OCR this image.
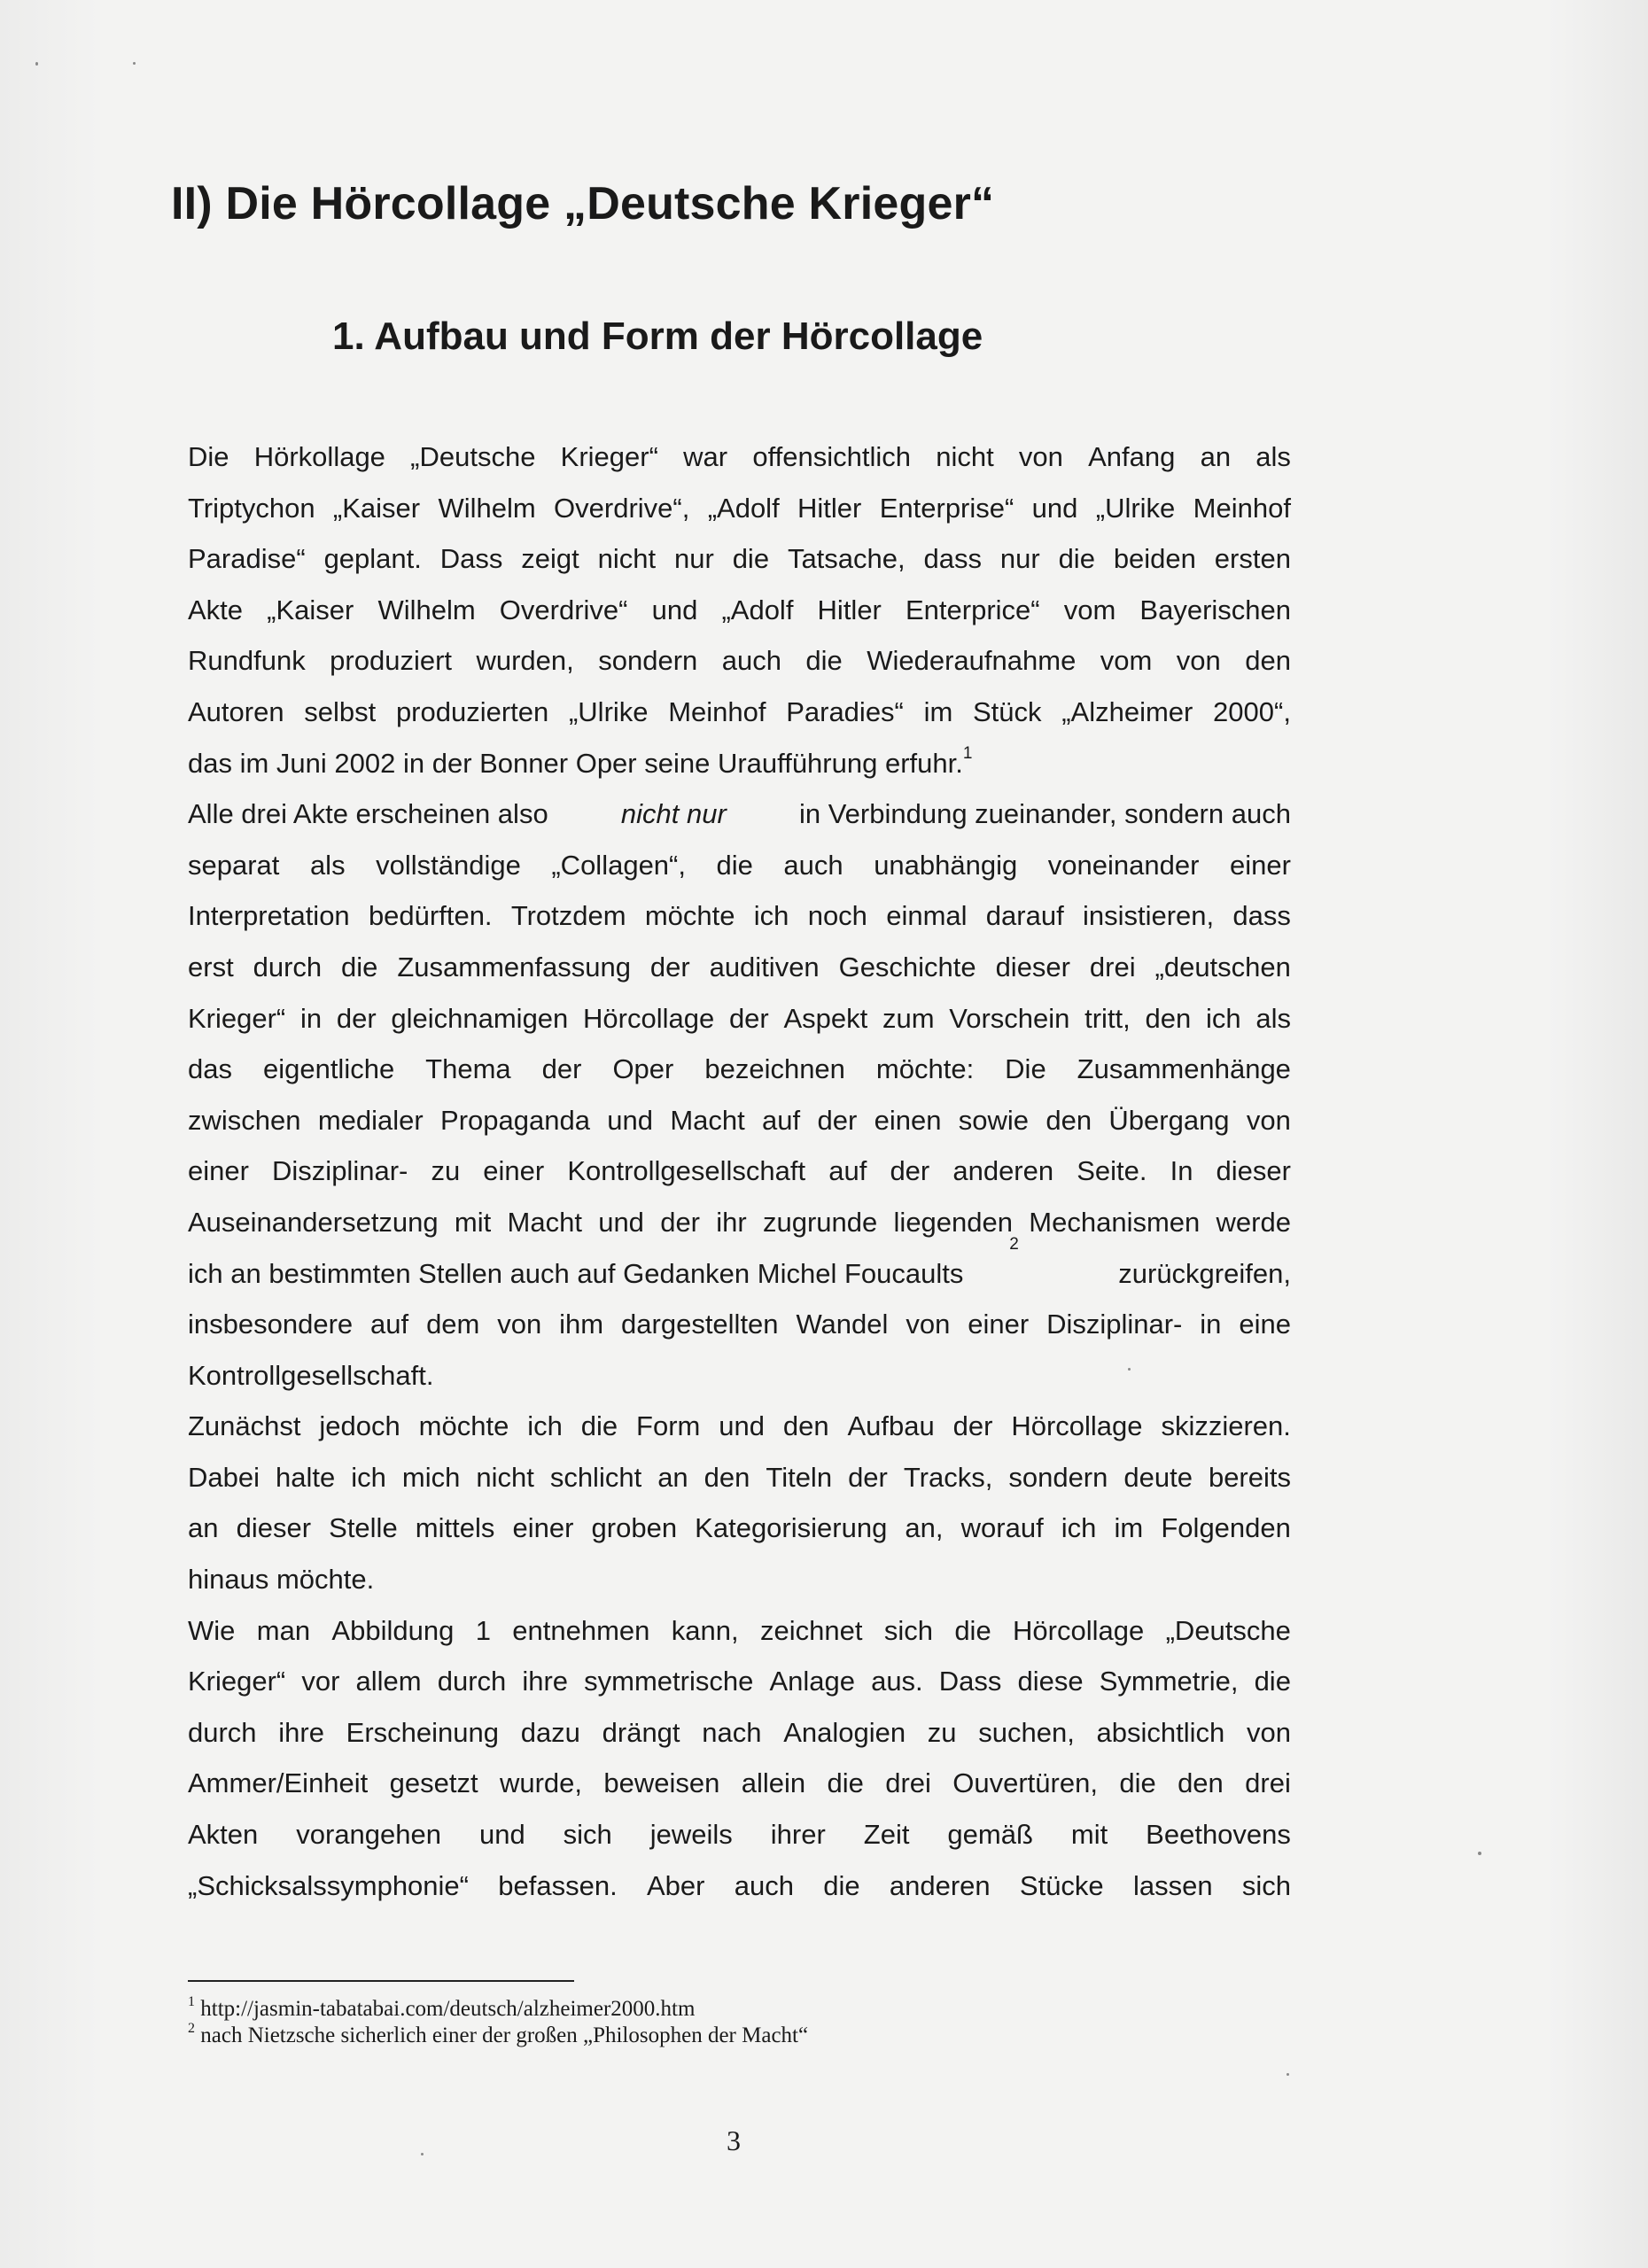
II) Die Hörcollage „Deutsche Krieger“
1. Aufbau und Form der Hörcollage
Die Hörkollage „Deutsche Krieger“ war offensichtlich nicht von Anfang an als
Triptychon „Kaiser Wilhelm Overdrive“, „Adolf Hitler Enterprise“ und „Ulrike Meinhof
Paradise“ geplant. Dass zeigt nicht nur die Tatsache, dass nur die beiden ersten
Akte „Kaiser Wilhelm Overdrive“ und „Adolf Hitler Enterprice“ vom Bayerischen
Rundfunk produziert wurden, sondern auch die Wiederaufnahme vom von den
Autoren selbst produzierten „Ulrike Meinhof Paradies“ im Stück „Alzheimer 2000“,
das im Juni 2002 in der Bonner Oper seine Uraufführung erfuhr.$^1$
Alle drei Akte erscheinen also
	nicht nur
	in Verbindung zueinander, sondern auch
separat als vollständige „Collagen“, die auch unabhängig voneinander einer
Interpretation bedürften. Trotzdem möchte ich noch einmal darauf insistieren, dass
erst durch die Zusammenfassung der auditiven Geschichte dieser drei „deutschen
Krieger“ in der gleichnamigen Hörcollage der Aspekt zum Vorschein tritt, den ich als
das eigentliche Thema der Oper bezeichnen möchte: Die Zusammenhänge
zwischen medialer Propaganda und Macht auf der einen sowie den Übergang von
einer Disziplinar- zu einer Kontrollgesellschaft auf der anderen Seite. In dieser
Auseinandersetzung mit Macht und der ihr zugrunde liegenden Mechanismen werde
ich an bestimmten Stellen auch auf Gedanken Michel Foucaults
$^2$

zurückgreifen,
insbesondere auf dem von ihm dargestellten Wandel von einer Disziplinar- in eine
Kontrollgesellschaft.
Zunächst jedoch möchte ich die Form und den Aufbau der Hörcollage skizzieren.
Dabei halte ich mich nicht schlicht an den Titeln der Tracks, sondern deute bereits
an dieser Stelle mittels einer groben Kategorisierung an, worauf ich im Folgenden
hinaus möchte.
Wie man Abbildung 1 entnehmen kann, zeichnet sich die Hörcollage „Deutsche
Krieger“ vor allem durch ihre symmetrische Anlage aus. Dass diese Symmetrie, die
durch ihre Erscheinung dazu drängt nach Analogien zu suchen, absichtlich von
Ammer/Einheit gesetzt wurde, beweisen allein die drei Ouvertüren, die den drei
Akten vorangehen und sich jeweils ihrer Zeit gemäß mit Beethovens
„Schicksalssymphonie“ befassen. Aber auch die anderen Stücke lassen sich
$^1$ http://jasmin-tabatabai.com/deutsch/alzheimer2000.htm
$^2$ nach Nietzsche sicherlich einer der großen „Philosophen der Macht“
3
